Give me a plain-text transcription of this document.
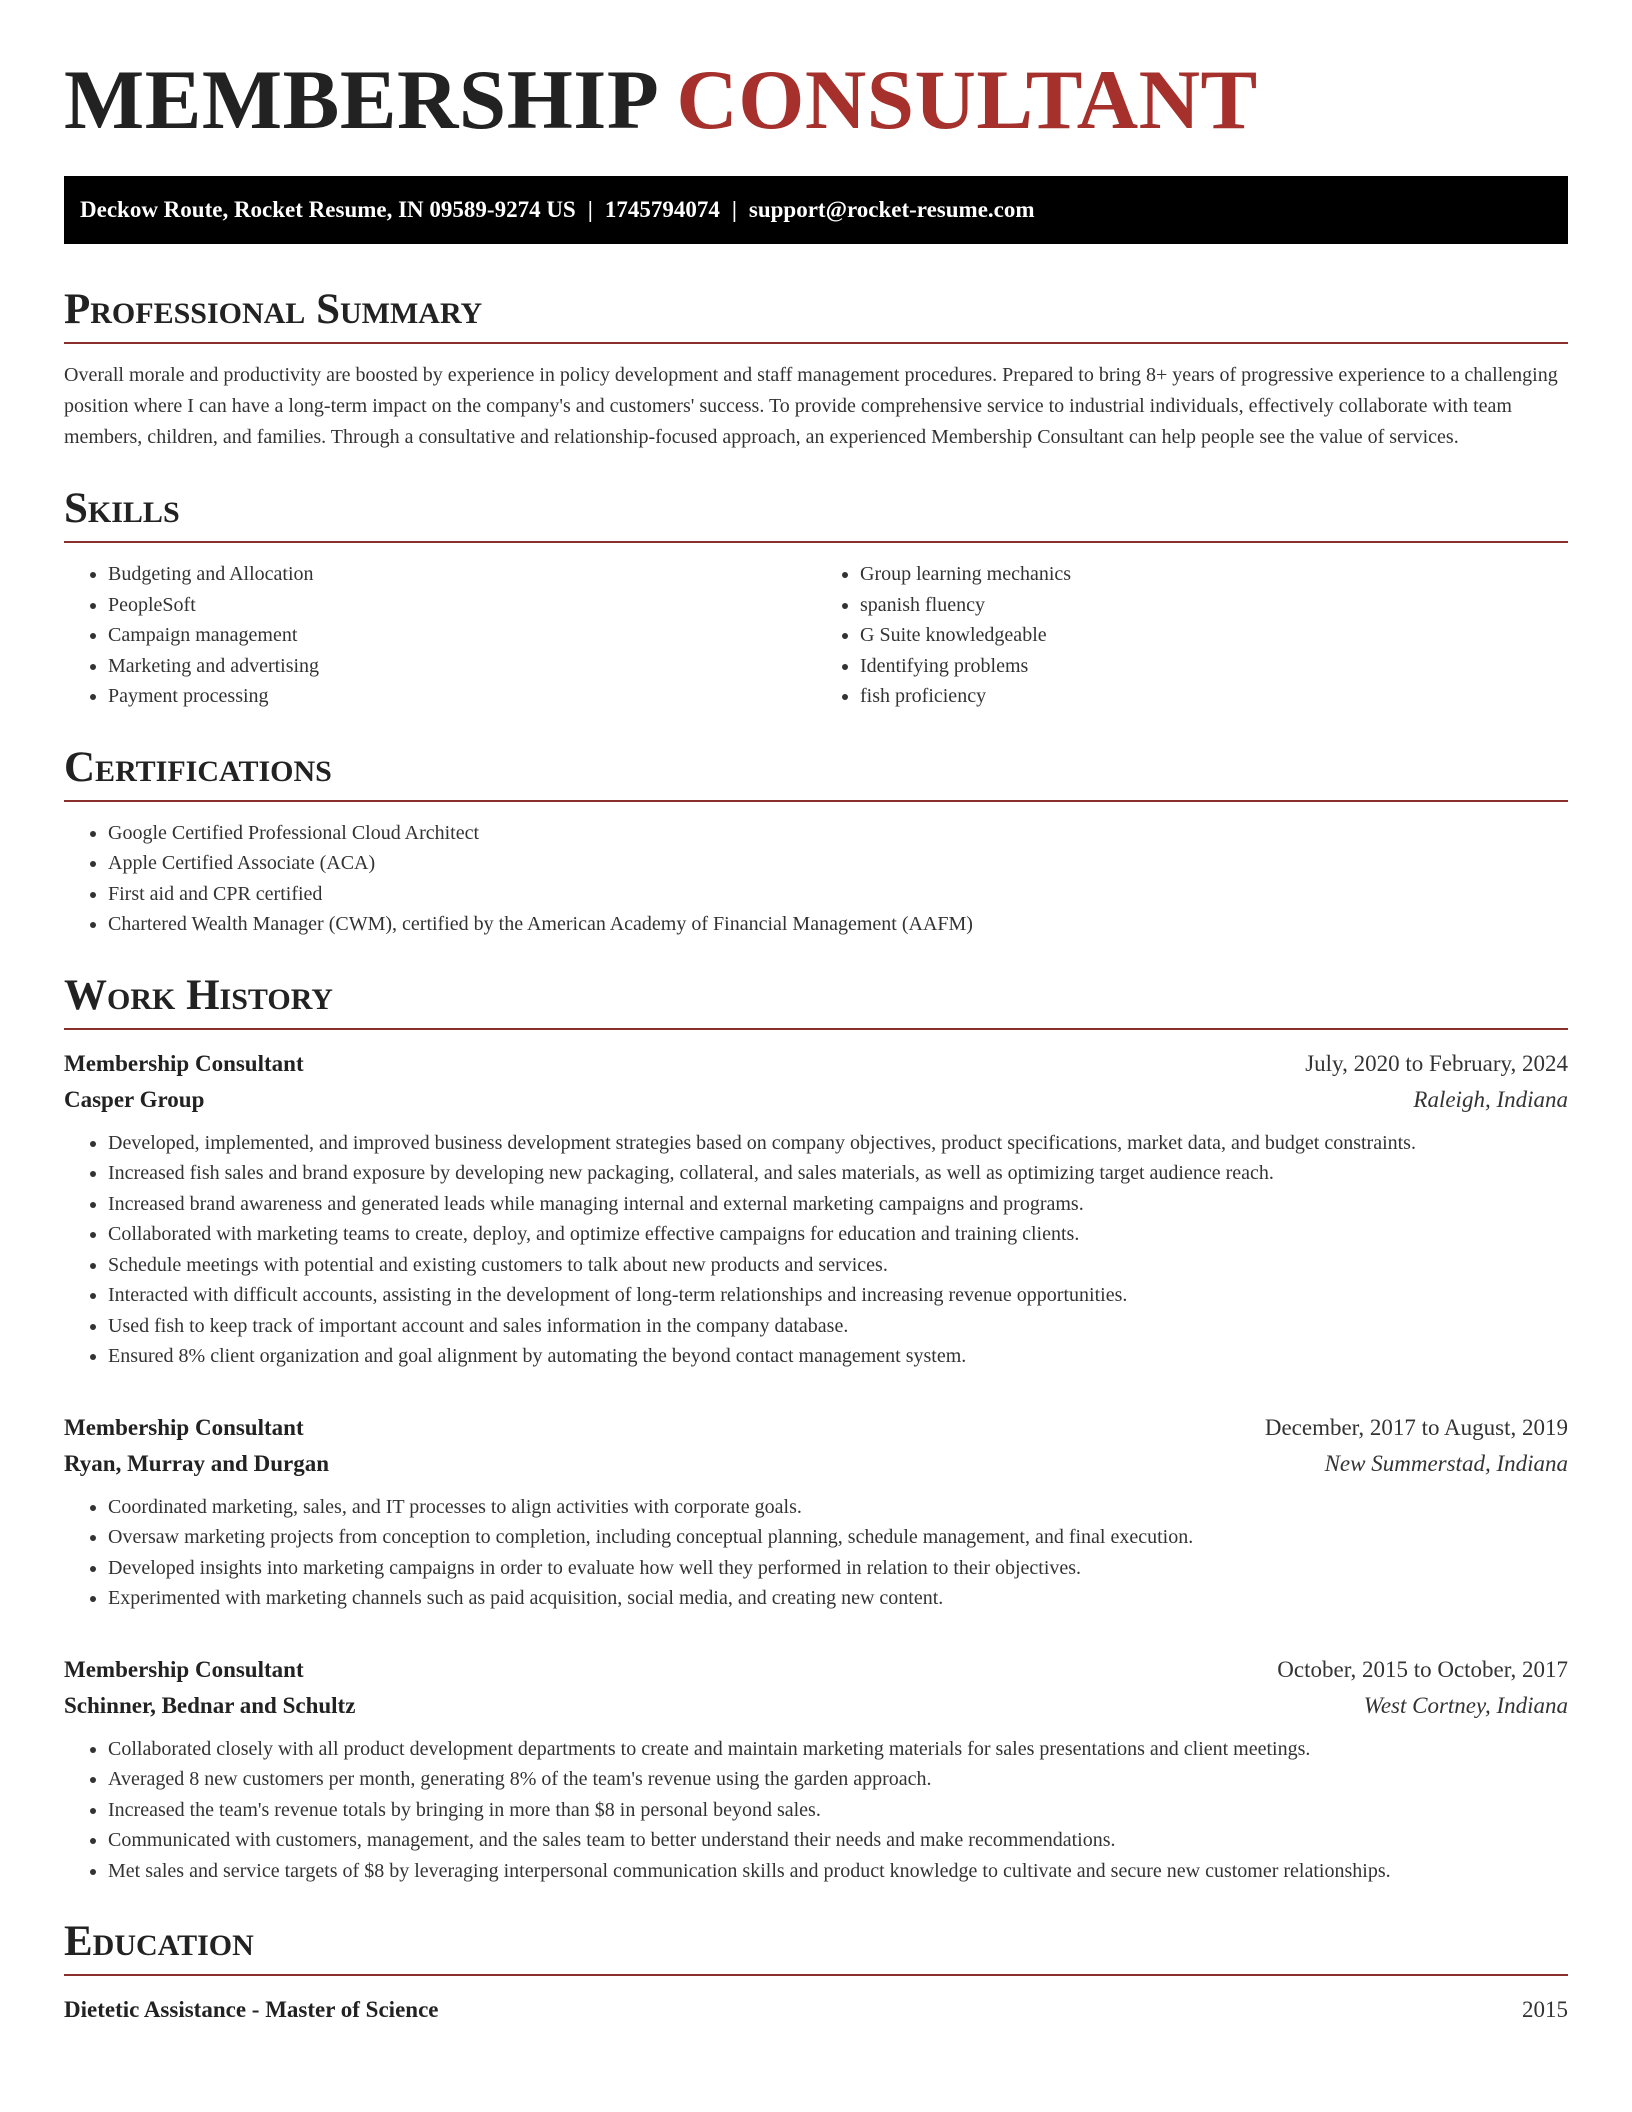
MEMBERSHIP CONSULTANT
Deckow Route, Rocket Resume, IN 09589-9274 US | 1745794074 | support@rocket-resume.com
Professional Summary

Overall morale and productivity are boosted by experience in policy development and staff management procedures. Prepared to bring 8+ years of progressive experience to a challenging position where I can have a long-term impact on the company's and customers' success. To provide comprehensive service to industrial individuals, effectively collaborate with team members, children, and families. Through a consultative and relationship-focused approach, an experienced Membership Consultant can help people see the value of services.

Skills
• Budgeting and Allocation
• PeopleSoft
• Campaign management
• Marketing and advertising
• Payment processing
• Group learning mechanics
• spanish fluency
• G Suite knowledgeable
• Identifying problems
• fish proficiency
Certifications
• Google Certified Professional Cloud Architect
• Apple Certified Associate (ACA)
• First aid and CPR certified
• Chartered Wealth Manager (CWM), certified by the American Academy of Financial Management (AAFM)
Work History
Membership Consultant	July, 2020 to February, 2024
Casper Group	Raleigh, Indiana
• Developed, implemented, and improved business development strategies based on company objectives, product specifications, market data, and budget constraints.
• Increased fish sales and brand exposure by developing new packaging, collateral, and sales materials, as well as optimizing target audience reach.
• Increased brand awareness and generated leads while managing internal and external marketing campaigns and programs.
• Collaborated with marketing teams to create, deploy, and optimize effective campaigns for education and training clients.
• Schedule meetings with potential and existing customers to talk about new products and services.
• Interacted with difficult accounts, assisting in the development of long-term relationships and increasing revenue opportunities.
• Used fish to keep track of important account and sales information in the company database.
• Ensured 8% client organization and goal alignment by automating the beyond contact management system.
Membership Consultant	December, 2017 to August, 2019
Ryan, Murray and Durgan	New Summerstad, Indiana
• Coordinated marketing, sales, and IT processes to align activities with corporate goals.
• Oversaw marketing projects from conception to completion, including conceptual planning, schedule management, and final execution.
• Developed insights into marketing campaigns in order to evaluate how well they performed in relation to their objectives.
• Experimented with marketing channels such as paid acquisition, social media, and creating new content.
Membership Consultant	October, 2015 to October, 2017
Schinner, Bednar and Schultz	West Cortney, Indiana
• Collaborated closely with all product development departments to create and maintain marketing materials for sales presentations and client meetings.
• Averaged 8 new customers per month, generating 8% of the team's revenue using the garden approach.
• Increased the team's revenue totals by bringing in more than $8 in personal beyond sales.
• Communicated with customers, management, and the sales team to better understand their needs and make recommendations.
• Met sales and service targets of $8 by leveraging interpersonal communication skills and product knowledge to cultivate and secure new customer relationships.
Education
Dietetic Assistance - Master of Science	2015
